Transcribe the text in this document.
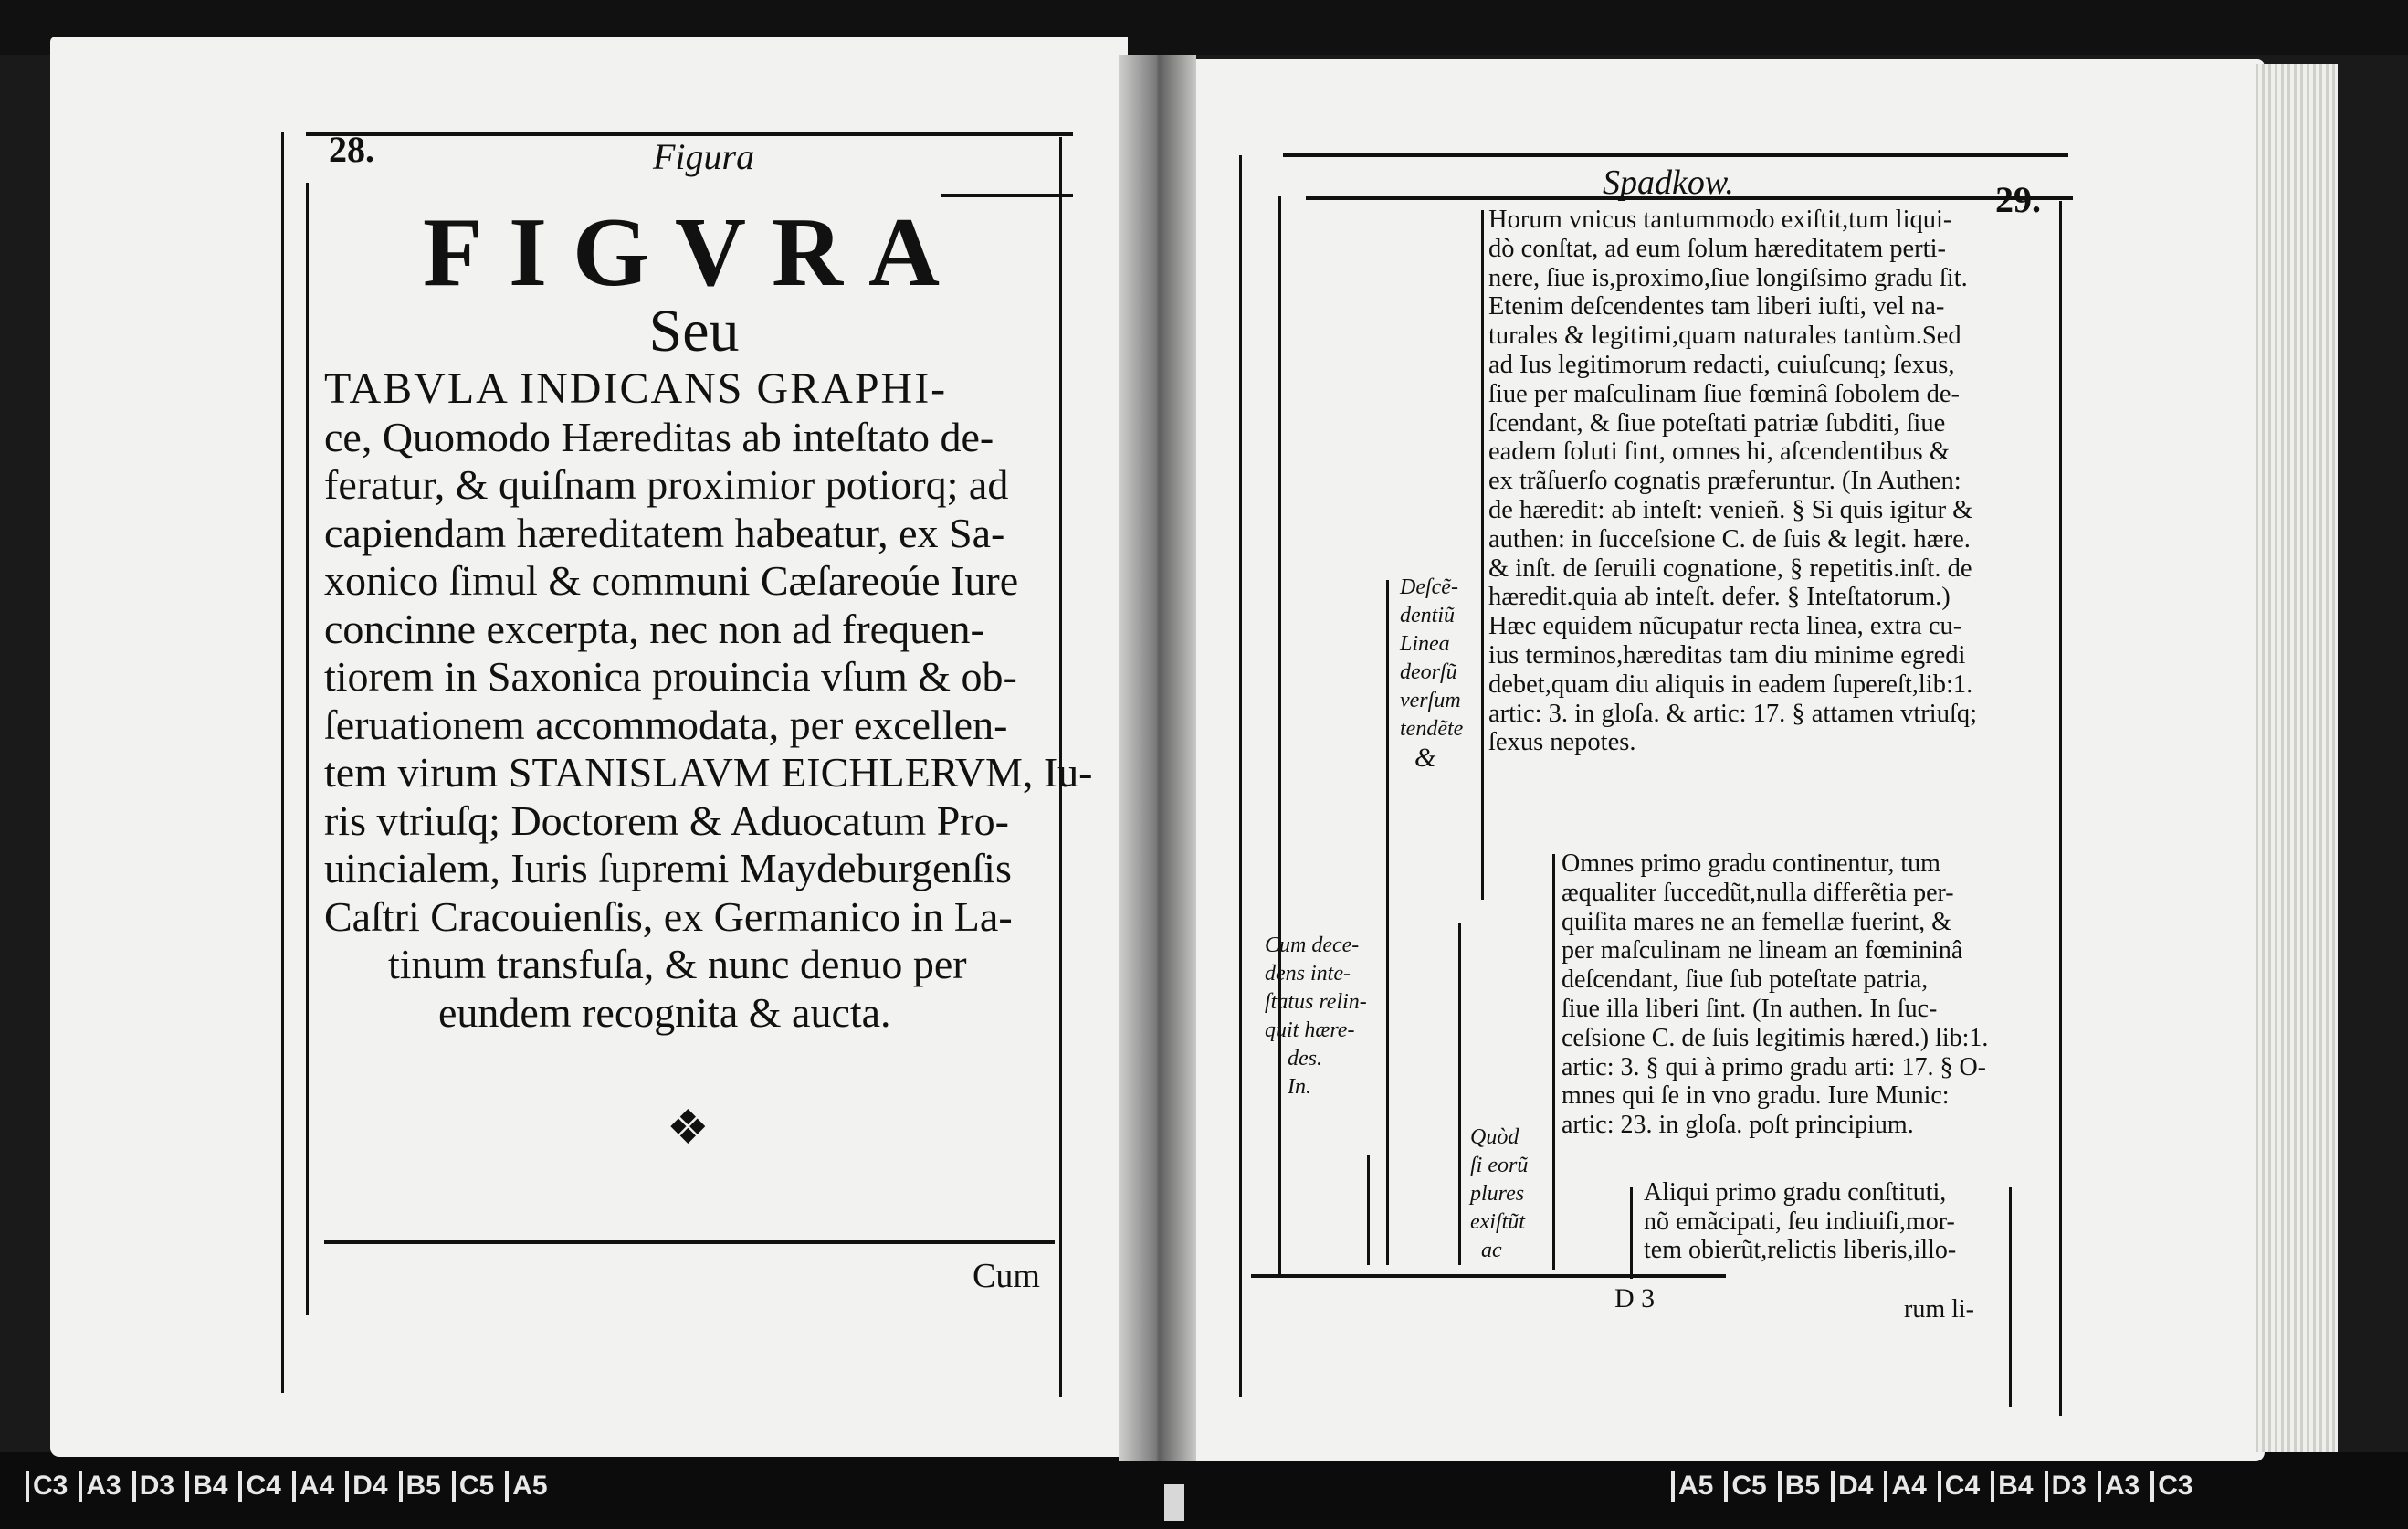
28.	Figura
FIGVRA
Seu
TABVLA INDICANS GRAPHI-
ce, Quomodo Hæreditas ab inteſtato de-
feratur, & quiſnam proximior potiorq; ad
capiendam hæreditatem habeatur, ex Sa-
xonico ſimul & communi Cæſareoúe Iure
concinne excerpta, nec non ad frequen-
tiorem in Saxonica prouincia vſum & ob-
ſeruationem accommodata, per excellen-
tem virum STANISLAVM EICHLERVM, Iu-
ris vtriuſq; Doctorem & Aduocatum Pro-
uincialem, Iuris ſupremi Maydeburgenſis
Caſtri Cracouienſis, ex Germanico in La-
tinum transfuſa, & nunc denuo per
eundem recognita & aucta.
❖
Cum
Spadkow.	29.
Horum vnicus tantummodo exiſtit,tum liqui-
dò conſtat, ad eum ſolum hæreditatem perti-
nere, ſiue is,proximo,ſiue longiſsimo gradu ſit.
Etenim deſcendentes tam liberi iuſti, vel na-
turales & legitimi,quam naturales tantùm.Sed
ad Ius legitimorum redacti, cuiuſcunq; ſexus,
ſiue per maſculinam ſiue fœminâ ſobolem de-
ſcendant, & ſiue poteſtati patriæ ſubditi, ſiue
eadem ſoluti ſint, omnes hi, aſcendentibus &
ex trãſuerſo cognatis præferuntur. (In Authen:
de hæredit: ab inteſt: venieñ. § Si quis igitur &
authen: in ſucceſsione C. de ſuis & legit. hære.
& inſt. de ſeruili cognatione, § repetitis.inſt. de
hæredit.quia ab inteſt. defer. § Inteſtatorum.)
Hæc equidem nũcupatur recta linea, extra cu-
ius terminos,hæreditas tam diu minime egredi
debet,quam diu aliquis in eadem ſupereſt,lib:1.
artic: 3. in gloſa. & artic: 17. § attamen vtriuſq;
ſexus nepotes.
Omnes primo gradu continentur, tum
æqualiter ſuccedũt,nulla differẽtia per-
quiſita mares ne an femellæ fuerint, &
per maſculinam ne lineam an fœmininâ
deſcendant, ſiue ſub poteſtate patria,
ſiue illa liberi ſint. (In authen. In ſuc-
ceſsione C. de ſuis legitimis hæred.) lib:1.
artic: 3. § qui à primo gradu arti: 17. § O-
mnes qui ſe in vno gradu. Iure Munic:
artic: 23. in gloſa. poſt principium.
Aliqui primo gradu conſtituti,
nõ emãcipati, ſeu indiuiſi,mor-
tem obierũt,relictis liberis,illo-
Deſcẽ-
dentiũ
Linea
deorſũ
verſum
tendẽte
&
Cum dece-
dens inte-
ſtatus relin-
quit hære-
des.
In.
Quòd
ſi eorũ
plures
exiſtũt
ac
D 3	rum li-
C3 A3 D3 B4 C4 A4 D4 B5 C5 A5	A5 C5 B5 D4 A4 C4 B4 D3 A3 C3
